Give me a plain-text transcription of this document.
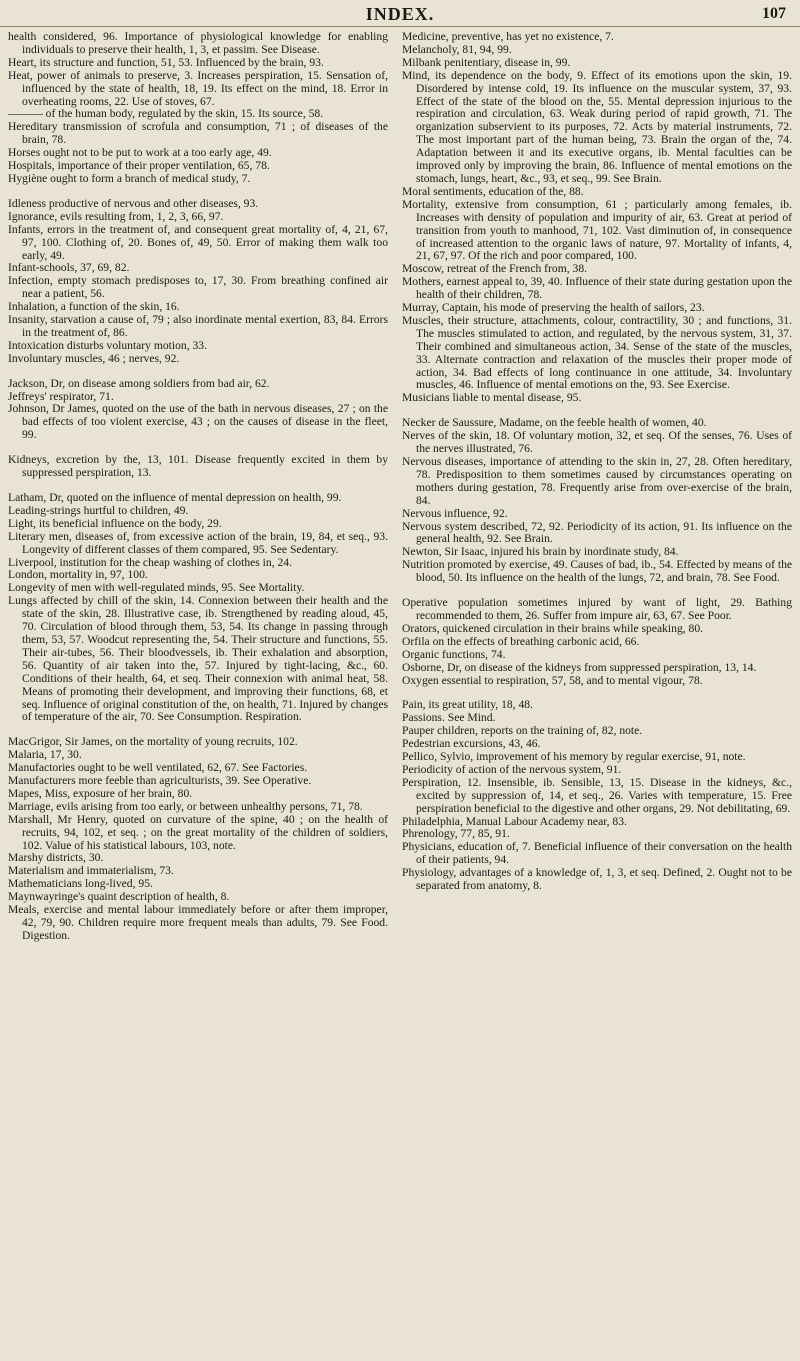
INDEX.	107

health considered, 96. Importance of physiological knowledge for enabling individuals to preserve their health, 1, 3, et passim. See Disease.

Heart, its structure and function, 51, 53. Influenced by the brain, 93.

Heat, power of animals to preserve, 3. Increases perspiration, 15. Sensation of, influenced by the state of health, 18, 19. Its effect on the mind, 18. Error in overheating rooms, 22. Use of stoves, 67.

——— of the human body, regulated by the skin, 15. Its source, 58.

Hereditary transmission of scrofula and consumption, 71 ; of diseases of the brain, 78.

Horses ought not to be put to work at a too early age, 49.

Hospitals, importance of their proper ventilation, 65, 78.

Hygiène ought to form a branch of medical study, 7.

Idleness productive of nervous and other diseases, 93.

Ignorance, evils resulting from, 1, 2, 3, 66, 97.

Infants, errors in the treatment of, and consequent great mortality of, 4, 21, 67, 97, 100. Clothing of, 20. Bones of, 49, 50. Error of making them walk too early, 49.

Infant-schools, 37, 69, 82.

Infection, empty stomach predisposes to, 17, 30. From breathing confined air near a patient, 56.

Inhalation, a function of the skin, 16.

Insanity, starvation a cause of, 79 ; also inordinate mental exertion, 83, 84. Errors in the treatment of, 86.

Intoxication disturbs voluntary motion, 33.

Involuntary muscles, 46 ; nerves, 92.

Jackson, Dr, on disease among soldiers from bad air, 62.

Jeffreys' respirator, 71.

Johnson, Dr James, quoted on the use of the bath in nervous diseases, 27 ; on the bad effects of too violent exercise, 43 ; on the causes of disease in the fleet, 99.

Kidneys, excretion by the, 13, 101. Disease frequently excited in them by suppressed perspiration, 13.

Latham, Dr, quoted on the influence of mental depression on health, 99.

Leading-strings hurtful to children, 49.

Light, its beneficial influence on the body, 29.

Literary men, diseases of, from excessive action of the brain, 19, 84, et seq., 93. Longevity of different classes of them compared, 95. See Sedentary.

Liverpool, institution for the cheap washing of clothes in, 24.

London, mortality in, 97, 100.

Longevity of men with well-regulated minds, 95. See Mortality.

Lungs affected by chill of the skin, 14. Connexion between their health and the state of the skin, 28. Illustrative case, ib. Strengthened by reading aloud, 45, 70. Circulation of blood through them, 53, 54. Its change in passing through them, 53, 57. Woodcut representing the, 54. Their structure and functions, 55. Their air-tubes, 56. Their bloodvessels, ib. Their exhalation and absorption, 56. Quantity of air taken into the, 57. Injured by tight-lacing, &c., 60. Conditions of their health, 64, et seq. Their connexion with animal heat, 58. Means of promoting their development, and improving their functions, 68, et seq. Influence of original constitution of the, on health, 71. Injured by changes of temperature of the air, 70. See Consumption. Respiration.

MacGrigor, Sir James, on the mortality of young recruits, 102.

Malaria, 17, 30.

Manufactories ought to be well ventilated, 62, 67. See Factories.

Manufacturers more feeble than agriculturists, 39. See Operative.

Mapes, Miss, exposure of her brain, 80.

Marriage, evils arising from too early, or between unhealthy persons, 71, 78.

Marshall, Mr Henry, quoted on curvature of the spine, 40 ; on the health of recruits, 94, 102, et seq. ; on the great mortality of the children of soldiers, 102. Value of his statistical labours, 103, note.

Marshy districts, 30.

Materialism and immaterialism, 73.

Mathematicians long-lived, 95.

Maynwayringe's quaint description of health, 8.

Meals, exercise and mental labour immediately before or after them improper, 42, 79, 90. Children require more frequent meals than adults, 79. See Food. Digestion.

Medicine, preventive, has yet no existence, 7.

Melancholy, 81, 94, 99.

Milbank penitentiary, disease in, 99.

Mind, its dependence on the body, 9. Effect of its emotions upon the skin, 19. Disordered by intense cold, 19. Its influence on the muscular system, 37, 93. Effect of the state of the blood on the, 55. Mental depression injurious to the respiration and circulation, 63. Weak during period of rapid growth, 71. The organization subservient to its purposes, 72. Acts by material instruments, 72. The most important part of the human being, 73. Brain the organ of the, 74. Adaptation between it and its executive organs, ib. Mental faculties can be improved only by improving the brain, 86. Influence of mental emotions on the stomach, lungs, heart, &c., 93, et seq., 99. See Brain.

Moral sentiments, education of the, 88.

Mortality, extensive from consumption, 61 ; particularly among females, ib. Increases with density of population and impurity of air, 63. Great at period of transition from youth to manhood, 71, 102. Vast diminution of, in consequence of increased attention to the organic laws of nature, 97. Mortality of infants, 4, 21, 67, 97. Of the rich and poor compared, 100.

Moscow, retreat of the French from, 38.

Mothers, earnest appeal to, 39, 40. Influence of their state during gestation upon the health of their children, 78.

Murray, Captain, his mode of preserving the health of sailors, 23.

Muscles, their structure, attachments, colour, contractility, 30 ; and functions, 31. The muscles stimulated to action, and regulated, by the nervous system, 31, 37. Their combined and simultaneous action, 34. Sense of the state of the muscles, 33. Alternate contraction and relaxation of the muscles their proper mode of action, 34. Bad effects of long continuance in one attitude, 34. Involuntary muscles, 46. Influence of mental emotions on the, 93. See Exercise.

Musicians liable to mental disease, 95.

Necker de Saussure, Madame, on the feeble health of women, 40.

Nerves of the skin, 18. Of voluntary motion, 32, et seq. Of the senses, 76. Uses of the nerves illustrated, 76.

Nervous diseases, importance of attending to the skin in, 27, 28. Often hereditary, 78. Predisposition to them sometimes caused by circumstances operating on mothers during gestation, 78. Frequently arise from over-exercise of the brain, 84.

Nervous influence, 92.

Nervous system described, 72, 92. Periodicity of its action, 91. Its influence on the general health, 92. See Brain.

Newton, Sir Isaac, injured his brain by inordinate study, 84.

Nutrition promoted by exercise, 49. Causes of bad, ib., 54. Effected by means of the blood, 50. Its influence on the health of the lungs, 72, and brain, 78. See Food.

Operative population sometimes injured by want of light, 29. Bathing recommended to them, 26. Suffer from impure air, 63, 67. See Poor.

Orators, quickened circulation in their brains while speaking, 80.

Orfila on the effects of breathing carbonic acid, 66.

Organic functions, 74.

Osborne, Dr, on disease of the kidneys from suppressed perspiration, 13, 14.

Oxygen essential to respiration, 57, 58, and to mental vigour, 78.

Pain, its great utility, 18, 48.

Passions. See Mind.

Pauper children, reports on the training of, 82, note.

Pedestrian excursions, 43, 46.

Pellico, Sylvio, improvement of his memory by regular exercise, 91, note.

Periodicity of action of the nervous system, 91.

Perspiration, 12. Insensible, ib. Sensible, 13, 15. Disease in the kidneys, &c., excited by suppression of, 14, et seq., 26. Varies with temperature, 15. Free perspiration beneficial to the digestive and other organs, 29. Not debilitating, 69.

Philadelphia, Manual Labour Academy near, 83.

Phrenology, 77, 85, 91.

Physicians, education of, 7. Beneficial influence of their conversation on the health of their patients, 94.

Physiology, advantages of a knowledge of, 1, 3, et seq. Defined, 2. Ought not to be separated from anatomy, 8.
